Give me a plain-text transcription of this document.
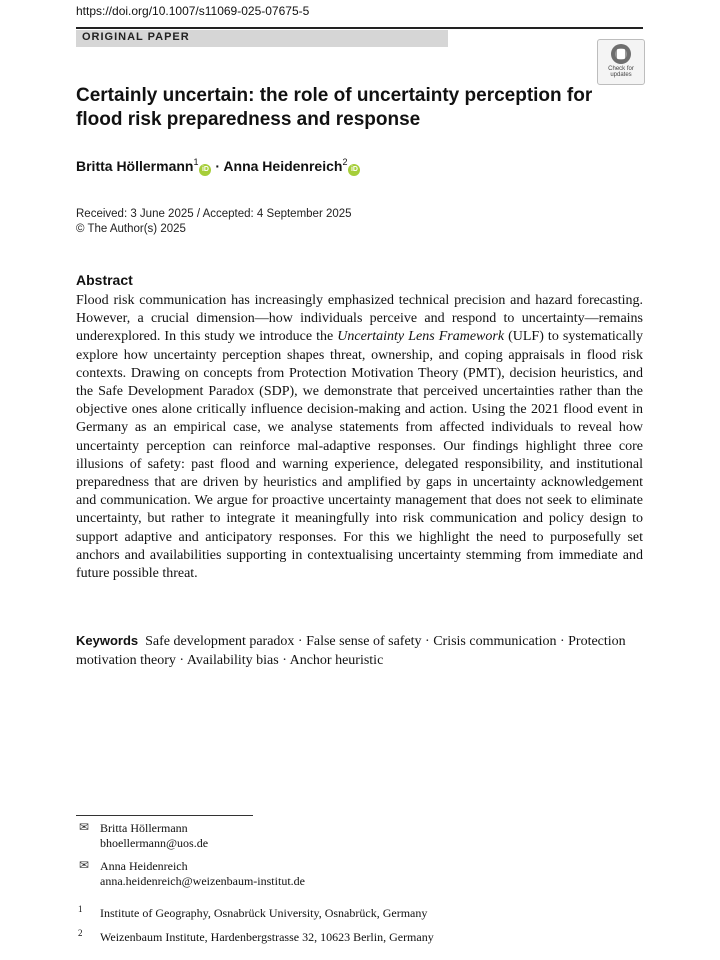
https://doi.org/10.1007/s11069-025-07675-5
ORIGINAL PAPER
Check for
updates
Certainly uncertain: the role of uncertainty perception for flood risk preparedness and response
Britta Höllermann$^1$iD · Anna Heidenreich$^2$iD
Received: 3 June 2025 / Accepted: 4 September 2025
© The Author(s) 2025
Abstract
Flood risk communication has increasingly emphasized technical precision and hazard forecasting. However, a crucial dimension—how individuals perceive and respond to uncertainty—remains underexplored. In this study we introduce the Uncertainty Lens Framework (ULF) to systematically explore how uncertainty perception shapes threat, ownership, and coping appraisals in flood risk contexts. Drawing on concepts from Protection Motivation Theory (PMT), decision heuristics, and the Safe Development Paradox (SDP), we demonstrate that perceived uncertainties rather than the objective ones alone critically influence decision-making and action. Using the 2021 flood event in Germany as an empirical case, we analyse statements from affected individuals to reveal how uncertainty perception can reinforce mal-adaptive responses. Our findings highlight three core illusions of safety: past flood and warning experience, delegated responsibility, and institutional preparedness that are driven by heuristics and amplified by gaps in uncertainty acknowledgement and communication. We argue for proactive uncertainty management that does not seek to eliminate uncertainty, but rather to integrate it meaningfully into risk communication and policy design to support adaptive and anticipatory responses. For this we highlight the need to purposefully set anchors and availabilities supporting in contextualising uncertainty stemming from immediate and future possible threat.
Keywords Safe development paradox · False sense of safety · Crisis communication · Protection motivation theory · Availability bias · Anchor heuristic
✉ Britta Höllermann
bhoellermann@uos.de
✉ Anna Heidenreich
anna.heidenreich@weizenbaum-institut.de
1 Institute of Geography, Osnabrück University, Osnabrück, Germany
2 Weizenbaum Institute, Hardenbergstrasse 32, 10623 Berlin, Germany
